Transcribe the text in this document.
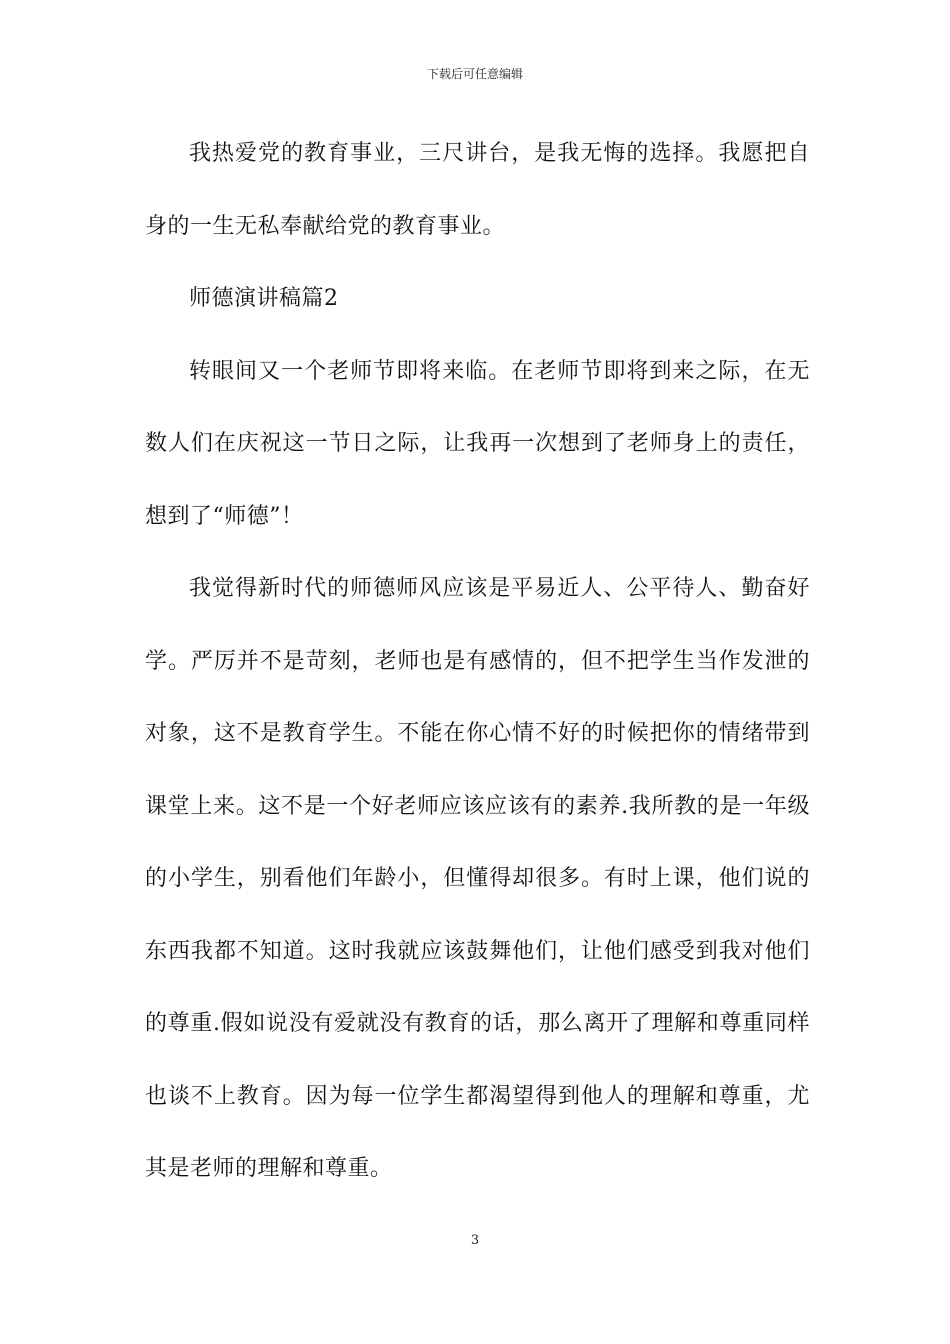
下载后可任意编辑

我热爱党的教育事业，三尺讲台，是我无悔的选择。我愿把自身的一生无私奉献给党的教育事业。

师德演讲稿篇2

转眼间又一个老师节即将来临。在老师节即将到来之际，在无数人们在庆祝这一节日之际，让我再一次想到了老师身上的责任，想到了“师德”！

我觉得新时代的师德师风应该是平易近人、公平待人、勤奋好学。严厉并不是苛刻，老师也是有感情的，但不把学生当作发泄的对象，这不是教育学生。不能在你心情不好的时候把你的情绪带到课堂上来。这不是一个好老师应该应该有的素养.我所教的是一年级的小学生，别看他们年龄小，但懂得却很多。有时上课，他们说的东西我都不知道。这时我就应该鼓舞他们，让他们感受到我对他们的尊重.假如说没有爱就没有教育的话，那么离开了理解和尊重同样也谈不上教育。因为每一位学生都渴望得到他人的理解和尊重，尤其是老师的理解和尊重。

3
